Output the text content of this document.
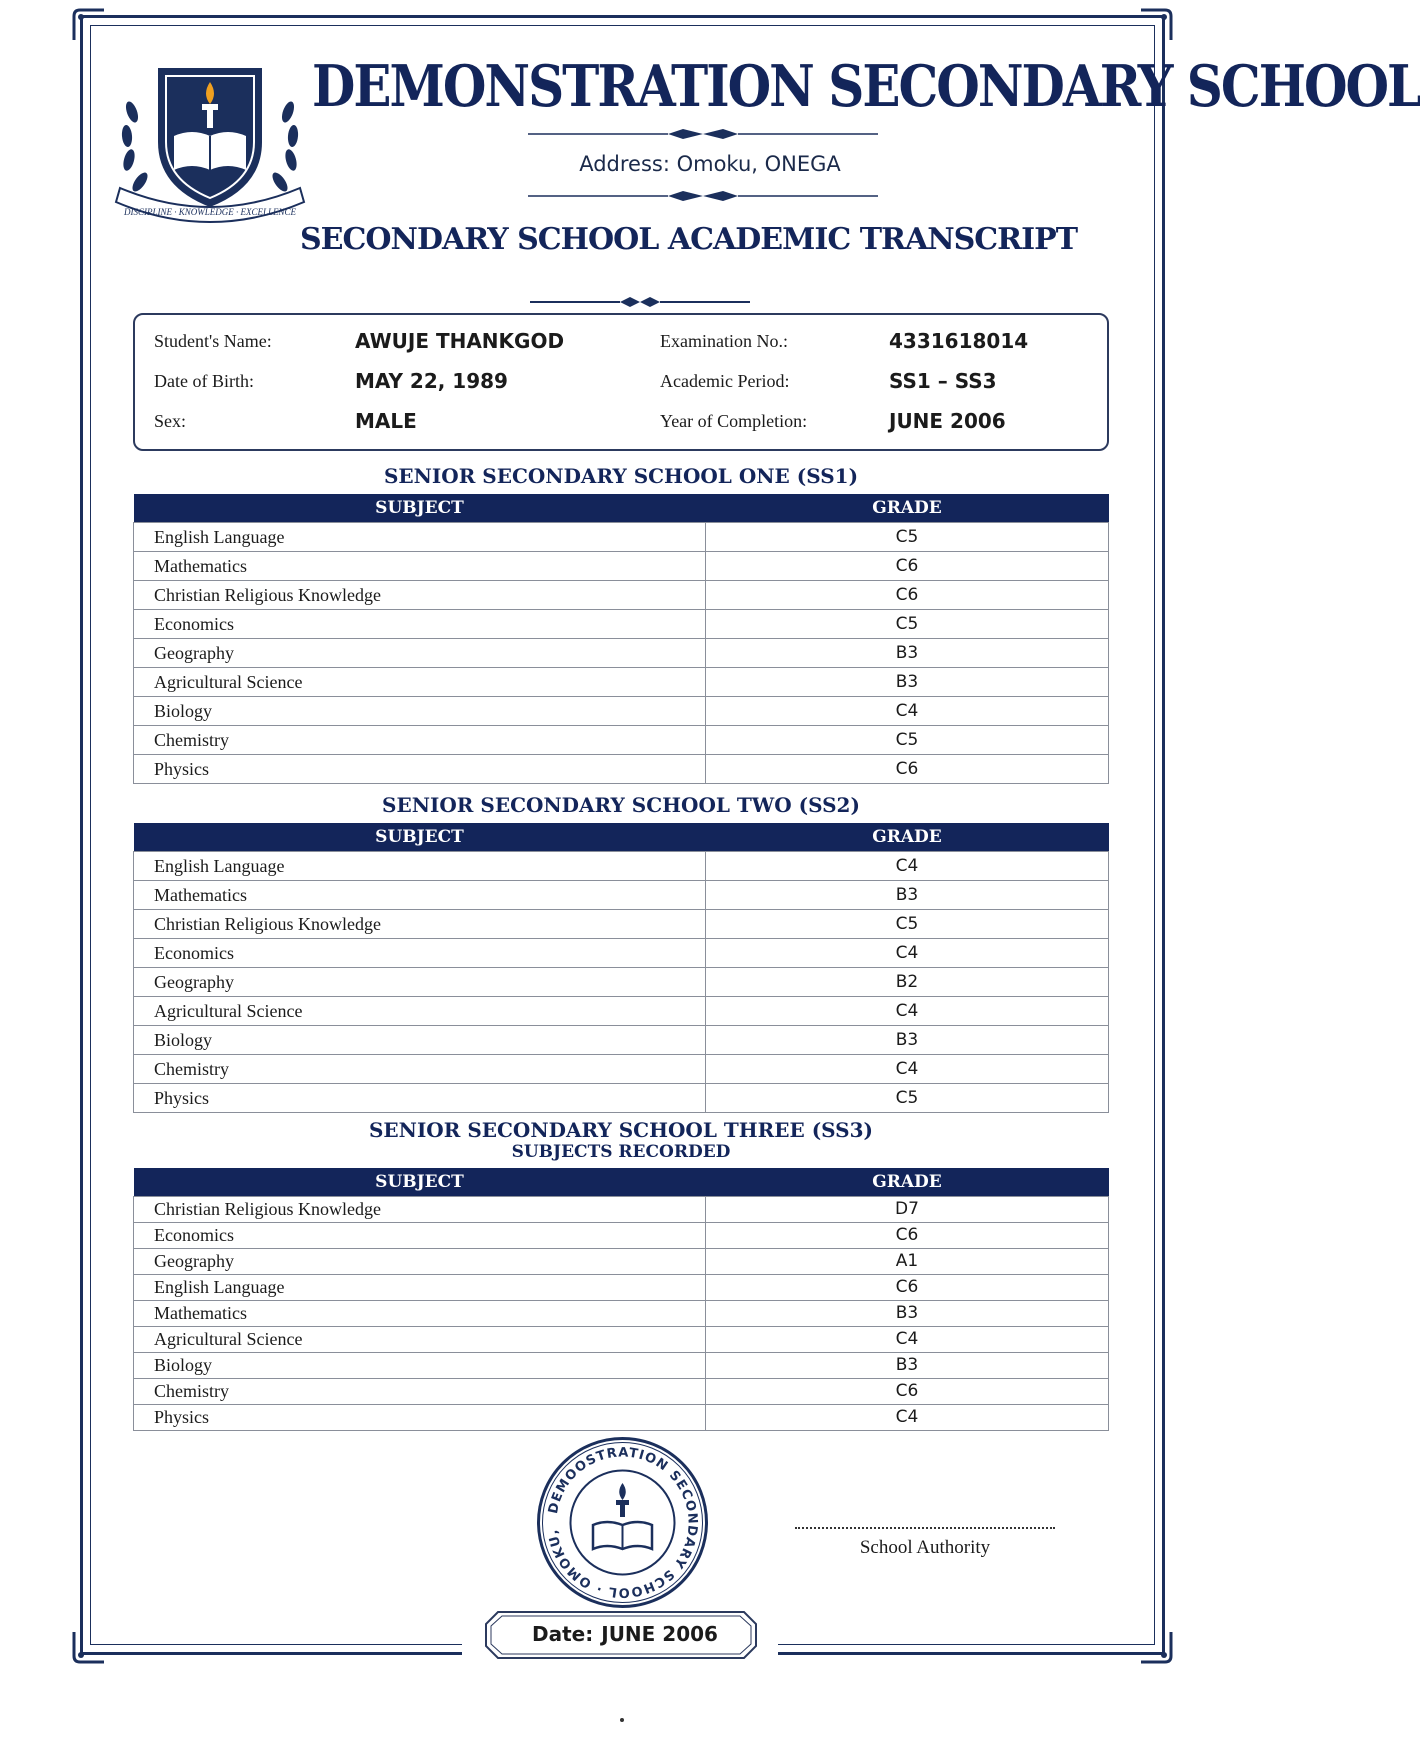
DISCIPLINE · KNOWLEDGE · EXCELLENCE
DEMONSTRATION SECONDARY SCHOOL
Address: Omoku, ONEGA
SECONDARY SCHOOL ACADEMIC TRANSCRIPT
Student's Name:	AWUJE THANKGOD
Date of Birth:	MAY 22, 1989
Sex:	MALE
Examination No.:	4331618014
Academic Period:	SS1 – SS3
Year of Completion:	JUNE 2006
SENIOR SECONDARY SCHOOL ONE (SS1)
SUBJECT	GRADE
English Language	C5
Mathematics	C6
Christian Religious Knowledge	C6
Economics	C5
Geography	B3
Agricultural Science	B3
Biology	C4
Chemistry	C5
Physics	C6
SENIOR SECONDARY SCHOOL TWO (SS2)
SUBJECT	GRADE
English Language	C4
Mathematics	B3
Christian Religious Knowledge	C5
Economics	C4
Geography	B2
Agricultural Science	C4
Biology	B3
Chemistry	C4
Physics	C5
SENIOR SECONDARY SCHOOL THREE (SS3)
SUBJECTS RECORDED
SUBJECT	GRADE
Christian Religious Knowledge	D7
Economics	C6
Geography	A1
English Language	C6
Mathematics	B3
Agricultural Science	C4
Biology	B3
Chemistry	C6
Physics	C4
DEMOOSTRATION SECONDARY SCHOOL · OMOKU,
School Authority
Date: JUNE 2006
